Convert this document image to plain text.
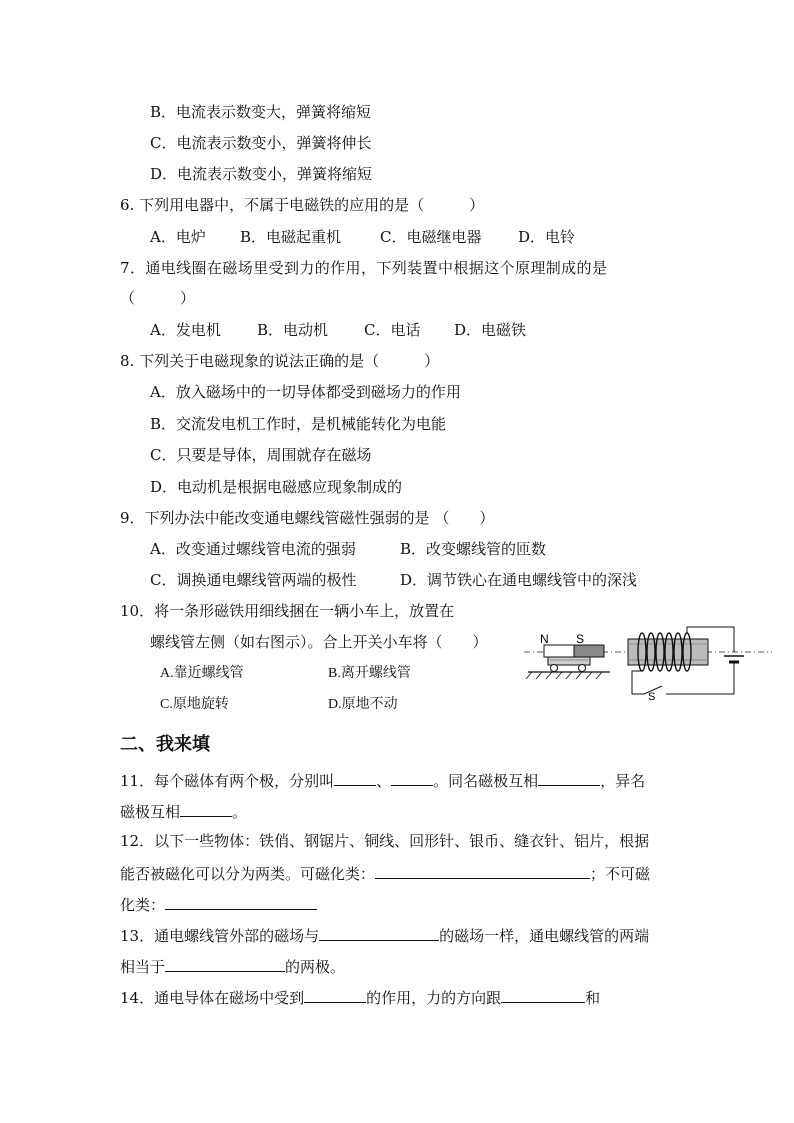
B．电流表示数变大，弹簧将缩短
C．电流表示数变小，弹簧将伸长
D．电流表示数变小，弹簧将缩短
6. 下列用电器中，不属于电磁铁的应用的是（　　　）
A．电炉 B．电磁起重机	C．电磁继电器 D．电铃
7．通电线圈在磁场里受到力的作用，下列装置中根据这个原理制成的是
（　　　）
A．发电机 B．电动机 C．电话 D．电磁铁
8. 下列关于电磁现象的说法正确的是（　　　）
A．放入磁场中的一切导体都受到磁场力的作用
B．交流发电机工作时，是机械能转化为电能
C．只要是导体，周围就存在磁场
D．电动机是根据电磁感应现象制成的
9．下列办法中能改变通电螺线管磁性强弱的是 （　　）
A．改变通过螺线管电流的强弱	B．改变螺线管的匝数
C．调换通电螺线管两端的极性	D．调节铁心在通电螺线管中的深浅
10．将一条形磁铁用细线捆在一辆小车上，放置在
螺线管左侧（如右图示）。合上开关小车将（　　）
A.靠近螺线管	B.离开螺线管
C.原地旋转	D.原地不动
N S
S
二、我来填
11．每个磁体有两个极，分别叫	、	。同名磁极互相	，异名
磁极互相	。
12．以下一些物体：铁俏、钢锯片、铜线、回形针、银币、缝衣针、铝片，根据
能否被磁化可以分为两类。可磁化类：	；不可磁
化类：
13．通电螺线管外部的磁场与	的磁场一样，通电螺线管的两端
相当于	的两极。
14．通电导体在磁场中受到	的作用，力的方向跟	和
